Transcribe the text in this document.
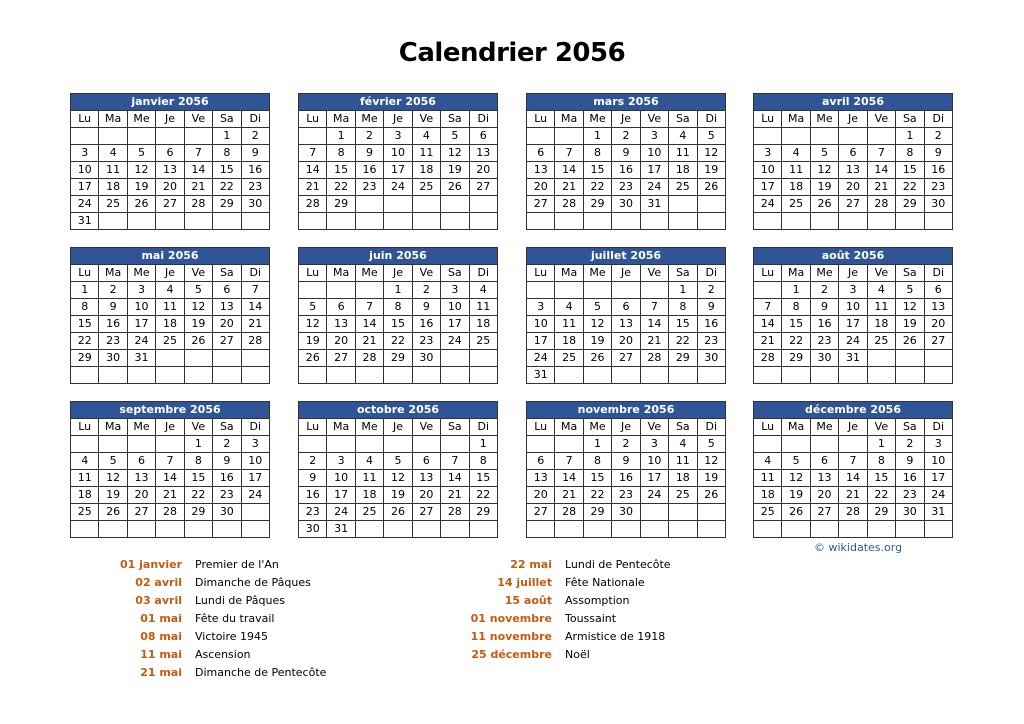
Calendrier 2056
janvier 2056						
Lu	Ma	Me	Je	Ve	Sa	Di
					1	2
3	4	5	6	7	8	9
10	11	12	13	14	15	16
17	18	19	20	21	22	23
24	25	26	27	28	29	30
31						
février 2056						
Lu	Ma	Me	Je	Ve	Sa	Di
	1	2	3	4	5	6
7	8	9	10	11	12	13
14	15	16	17	18	19	20
21	22	23	24	25	26	27
28	29					

mars 2056						
Lu	Ma	Me	Je	Ve	Sa	Di
		1	2	3	4	5
6	7	8	9	10	11	12
13	14	15	16	17	18	19
20	21	22	23	24	25	26
27	28	29	30	31		

avril 2056						
Lu	Ma	Me	Je	Ve	Sa	Di
					1	2
3	4	5	6	7	8	9
10	11	12	13	14	15	16
17	18	19	20	21	22	23
24	25	26	27	28	29	30

mai 2056						
Lu	Ma	Me	Je	Ve	Sa	Di
1	2	3	4	5	6	7
8	9	10	11	12	13	14
15	16	17	18	19	20	21
22	23	24	25	26	27	28
29	30	31				

juin 2056						
Lu	Ma	Me	Je	Ve	Sa	Di
			1	2	3	4
5	6	7	8	9	10	11
12	13	14	15	16	17	18
19	20	21	22	23	24	25
26	27	28	29	30		

juillet 2056						
Lu	Ma	Me	Je	Ve	Sa	Di
					1	2
3	4	5	6	7	8	9
10	11	12	13	14	15	16
17	18	19	20	21	22	23
24	25	26	27	28	29	30
31						
août 2056						
Lu	Ma	Me	Je	Ve	Sa	Di
	1	2	3	4	5	6
7	8	9	10	11	12	13
14	15	16	17	18	19	20
21	22	23	24	25	26	27
28	29	30	31			

septembre 2056						
Lu	Ma	Me	Je	Ve	Sa	Di
				1	2	3
4	5	6	7	8	9	10
11	12	13	14	15	16	17
18	19	20	21	22	23	24
25	26	27	28	29	30	

octobre 2056						
Lu	Ma	Me	Je	Ve	Sa	Di
						1
2	3	4	5	6	7	8
9	10	11	12	13	14	15
16	17	18	19	20	21	22
23	24	25	26	27	28	29
30	31					
novembre 2056						
Lu	Ma	Me	Je	Ve	Sa	Di
		1	2	3	4	5
6	7	8	9	10	11	12
13	14	15	16	17	18	19
20	21	22	23	24	25	26
27	28	29	30			

décembre 2056						
Lu	Ma	Me	Je	Ve	Sa	Di
				1	2	3
4	5	6	7	8	9	10
11	12	13	14	15	16	17
18	19	20	21	22	23	24
25	26	27	28	29	30	31

© wikidates.org
01 janvier Premier de l'An
02 avril Dimanche de Pâques
03 avril Lundi de Pâques
01 mai Fête du travail
08 mai Victoire 1945
11 mai Ascension
21 mai Dimanche de Pentecôte
22 mai Lundi de Pentecôte
14 juillet Fête Nationale
15 août Assomption
01 novembre Toussaint
11 novembre Armistice de 1918
25 décembre Noël
